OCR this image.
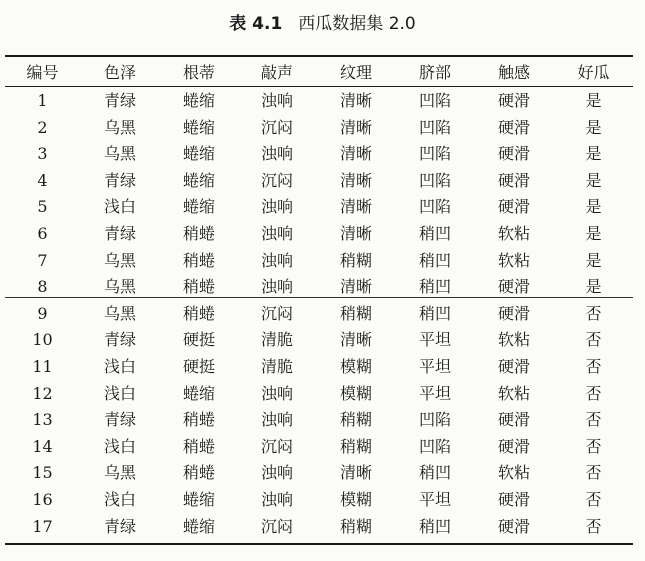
表 4.1 西瓜数据集 2.0
编号	色泽	根蒂	敲声	纹理	脐部	触感	好瓜

1	青绿	蜷缩	浊响	清晰	凹陷	硬滑	是
2	乌黑	蜷缩	沉闷	清晰	凹陷	硬滑	是
3	乌黑	蜷缩	浊响	清晰	凹陷	硬滑	是
4	青绿	蜷缩	沉闷	清晰	凹陷	硬滑	是
5	浅白	蜷缩	浊响	清晰	凹陷	硬滑	是
6	青绿	稍蜷	浊响	清晰	稍凹	软粘	是
7	乌黑	稍蜷	浊响	稍糊	稍凹	软粘	是
8	乌黑	稍蜷	浊响	清晰	稍凹	硬滑	是
9	乌黑	稍蜷	沉闷	稍糊	稍凹	硬滑	否
10	青绿	硬挺	清脆	清晰	平坦	软粘	否
11	浅白	硬挺	清脆	模糊	平坦	硬滑	否
12	浅白	蜷缩	浊响	模糊	平坦	软粘	否
13	青绿	稍蜷	浊响	稍糊	凹陷	硬滑	否
14	浅白	稍蜷	沉闷	稍糊	凹陷	硬滑	否
15	乌黑	稍蜷	浊响	清晰	稍凹	软粘	否
16	浅白	蜷缩	浊响	模糊	平坦	硬滑	否
17	青绿	蜷缩	沉闷	稍糊	稍凹	硬滑	否
